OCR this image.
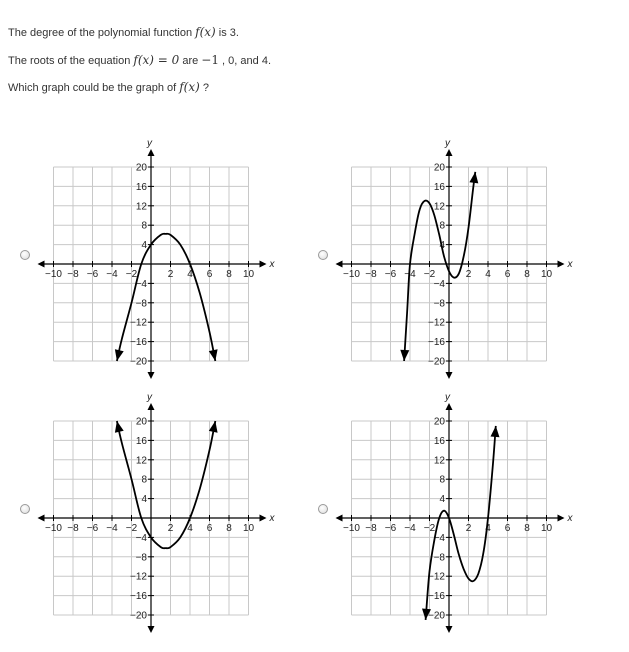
The degree of the polynomial function f(x) is 3.
The roots of the equation f(x) = 0 are −1 , 0, and 4.
Which graph could be the graph of f(x) ?
x
y
−10 −8 −6 −4 −2	2 4 6 8 10
20
16
12
8
4
−4
−8
−12
−16
−20
x
y
−10 −8 −6 −4 −2	2 4 6 8 10
20
16
12
8
4
−4
−8
−12
−16
−20
x
y
−10 −8 −6 −4 −2	2 4 6 8 10
20
16
12
8
4
−4
−8
−12
−16
−20
x
y
−10 −8 −6 −4 −2	2 4 6 8 10
20
16
12
8
4
−4
−8
−12
−16
−20
